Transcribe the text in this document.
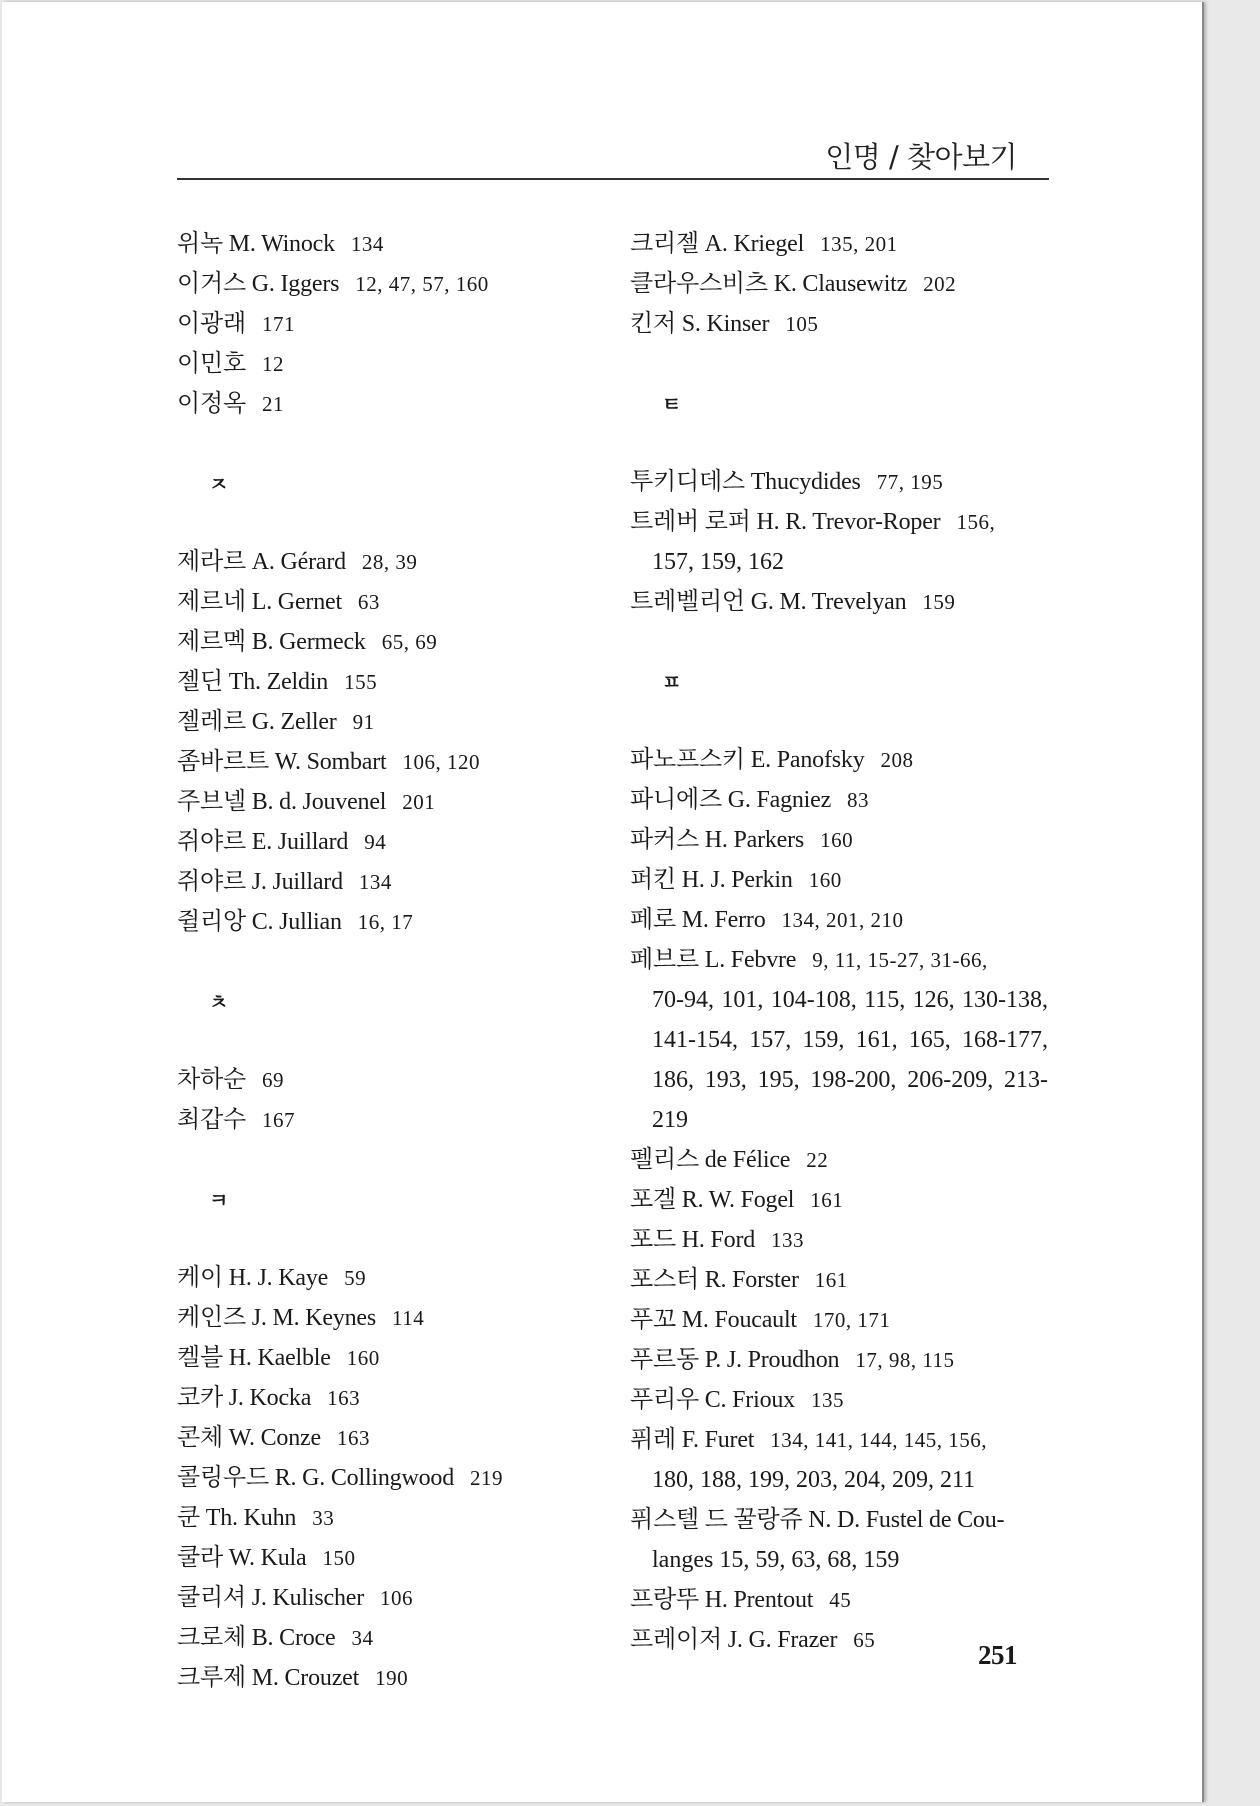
인명 / 찾아보기
위녹 M. Winock 134
이거스 G. Iggers 12, 47, 57, 160
이광래 171
이민호 12
이정옥 21
ㅈ
제라르 A. Gérard 28, 39
제르네 L. Gernet 63
제르멕 B. Germeck 65, 69
젤딘 Th. Zeldin 155
젤레르 G. Zeller 91
좀바르트 W. Sombart 106, 120
주브넬 B. d. Jouvenel 201
쥐야르 E. Juillard 94
쥐야르 J. Juillard 134
쥘리앙 C. Jullian 16, 17
ㅊ
차하순 69
최갑수 167
ㅋ
케이 H. J. Kaye 59
케인즈 J. M. Keynes 114
켈블 H. Kaelble 160
코카 J. Kocka 163
콘체 W. Conze 163
콜링우드 R. G. Collingwood 219
쿤 Th. Kuhn 33
쿨라 W. Kula 150
쿨리셔 J. Kulischer 106
크로체 B. Croce 34
크루제 M. Crouzet 190
크리젤 A. Kriegel 135, 201
클라우스비츠 K. Clausewitz 202
킨저 S. Kinser 105
ㅌ
투키디데스 Thucydides 77, 195
트레버 로퍼 H. R. Trevor-Roper 156,
157, 159, 162
트레벨리언 G. M. Trevelyan 159
ㅍ
파노프스키 E. Panofsky 208
파니에즈 G. Fagniez 83
파커스 H. Parkers 160
퍼킨 H. J. Perkin 160
페로 M. Ferro 134, 201, 210
페브르 L. Febvre 9, 11, 15-27, 31-66,
70-94, 101, 104-108, 115, 126, 130-138, 141-154, 157, 159, 161, 165, 168-177, 186, 193, 195, 198-200, 206-209, 213-219
펠리스 de Félice 22
포겔 R. W. Fogel 161
포드 H. Ford 133
포스터 R. Forster 161
푸꼬 M. Foucault 170, 171
푸르동 P. J. Proudhon 17, 98, 115
푸리우 C. Frioux 135
퓌레 F. Furet 134, 141, 144, 145, 156,
180, 188, 199, 203, 204, 209, 211
퓌스텔 드 꿀랑쥬 N. D. Fustel de Cou-
langes 15, 59, 63, 68, 159
프랑뚜 H. Prentout 45
프레이저 J. G. Frazer 65	251
